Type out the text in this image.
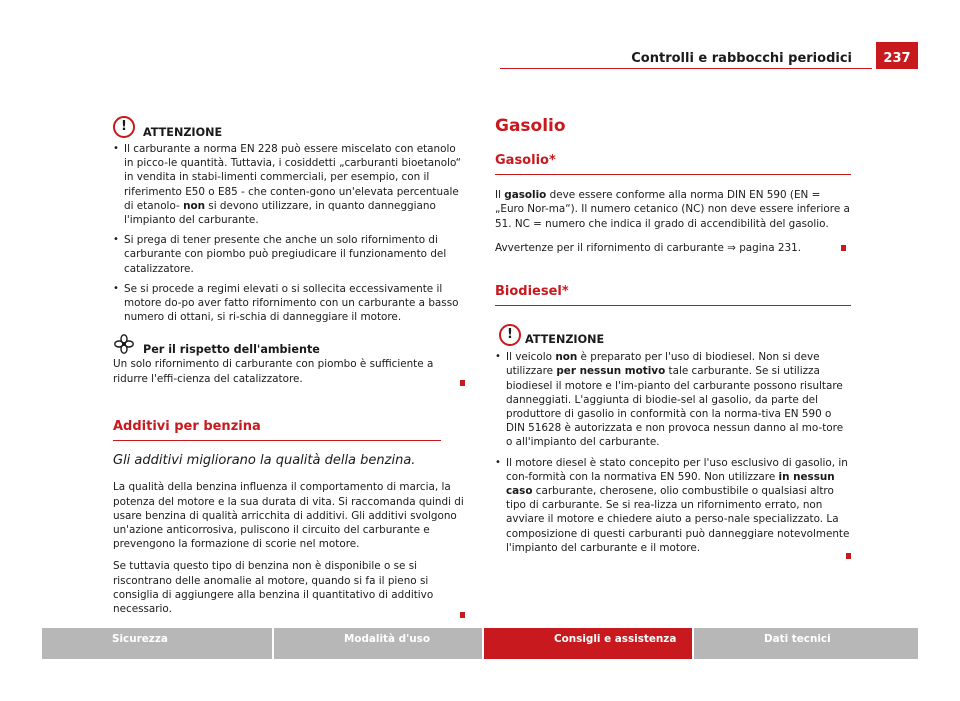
Controlli e rabbocchi periodici	237
!	ATTENZIONE
• Il carburante a norma EN 228 può essere miscelato con etanolo in picco-le quantità. Tuttavia, i cosiddetti „carburanti bioetanolo“ in vendita in stabi-limenti commerciali, per esempio, con il riferimento E50 o E85 - che conten-gono un'elevata percentuale di etanolo- non si devono utilizzare, in quanto danneggiano l'impianto del carburante.
• Si prega di tener presente che anche un solo rifornimento di carburante con piombo può pregiudicare il funzionamento del catalizzatore.
• Se si procede a regimi elevati o si sollecita eccessivamente il motore do-po aver fatto rifornimento con un carburante a basso numero di ottani, si ri-schia di danneggiare il motore.
Per il rispetto dell'ambiente

Un solo rifornimento di carburante con piombo è sufficiente a ridurre l'effi-cienza del catalizzatore.

Additivi per benzina
Gli additivi migliorano la qualità della benzina.

La qualità della benzina influenza il comportamento di marcia, la potenza del motore e la sua durata di vita. Si raccomanda quindi di usare benzina di qualità arricchita di additivi. Gli additivi svolgono un'azione anticorrosiva, puliscono il circuito del carburante e prevengono la formazione di scorie nel motore.

Se tuttavia questo tipo di benzina non è disponibile o se si riscontrano delle anomalie al motore, quando si fa il pieno si consiglia di aggiungere alla benzina il quantitativo di additivo necessario.

Gasolio
Gasolio*

Il gasolio deve essere conforme alla norma DIN EN 590 (EN = „Euro Nor-ma“). Il numero cetanico (NC) non deve essere inferiore a 51. NC = numero che indica il grado di accendibilità del gasolio.

Avvertenze per il rifornimento di carburante ⇒ pagina 231.

Biodiesel*
!	ATTENZIONE
• Il veicolo non è preparato per l'uso di biodiesel. Non si deve utilizzare per nessun motivo tale carburante. Se si utilizza biodiesel il motore e l'im-pianto del carburante possono risultare danneggiati. L'aggiunta di biodie-sel al gasolio, da parte del produttore di gasolio in conformità con la norma-tiva EN 590 o DIN 51628 è autorizzata e non provoca nessun danno al mo-tore o all'impianto del carburante.
• Il motore diesel è stato concepito per l'uso esclusivo di gasolio, in con-formità con la normativa EN 590. Non utilizzare in nessun caso carburante, cherosene, olio combustibile o qualsiasi altro tipo di carburante. Se si rea-lizza un rifornimento errato, non avviare il motore e chiedere aiuto a perso-nale specializzato. La composizione di questi carburanti può danneggiare notevolmente l'impianto del carburante e il motore.
Sicurezza	Modalità d'uso	Consigli e assistenza	Dati tecnici
